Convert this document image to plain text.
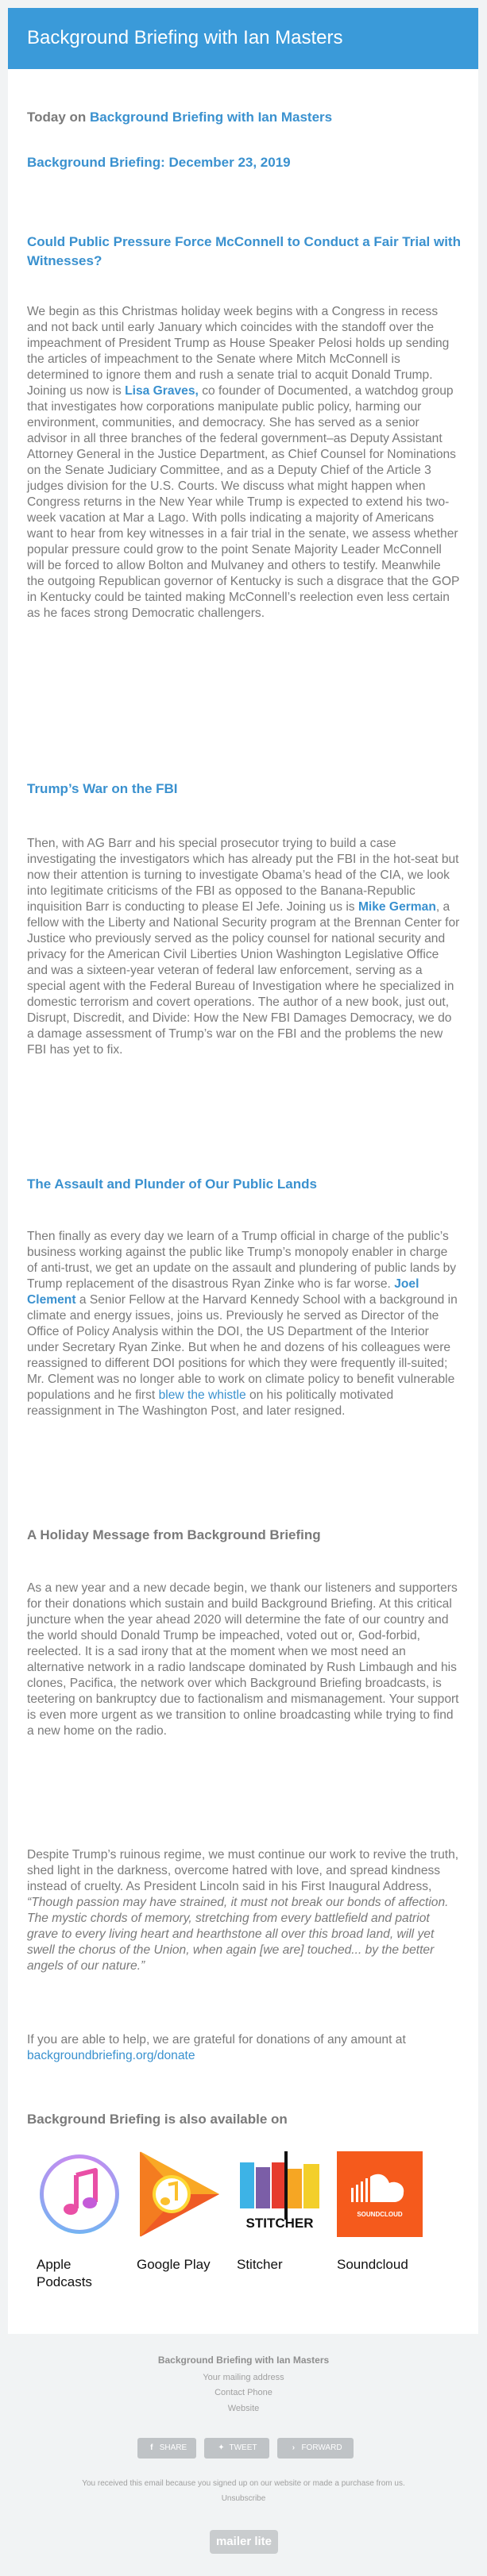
Background Briefing with Ian Masters
Today on Background Briefing with Ian Masters
Background Briefing: December 23, 2019
Could Public Pressure Force McConnell to Conduct a Fair Trial with Witnesses?
We begin as this Christmas holiday week begins with a Congress in recess and not back until early January which coincides with the standoff over the impeachment of President Trump as House Speaker Pelosi holds up sending the articles of impeachment to the Senate where Mitch McConnell is determined to ignore them and rush a senate trial to acquit Donald Trump. Joining us now is Lisa Graves, co founder of Documented, a watchdog group that investigates how corporations manipulate public policy, harming our environment, communities, and democracy. She has served as a senior advisor in all three branches of the federal government–as Deputy Assistant Attorney General in the Justice Department, as Chief Counsel for Nominations on the Senate Judiciary Committee, and as a Deputy Chief of the Article 3 judges division for the U.S. Courts. We discuss what might happen when Congress returns in the New Year while Trump is expected to extend his two- week vacation at Mar a Lago. With polls indicating a majority of Americans want to hear from key witnesses in a fair trial in the senate, we assess whether popular pressure could grow to the point Senate Majority Leader McConnell will be forced to allow Bolton and Mulvaney and others to testify. Meanwhile the outgoing Republican governor of Kentucky is such a disgrace that the GOP in Kentucky could be tainted making McConnell’s reelection even less certain as he faces strong Democratic challengers.
Trump’s War on the FBI
Then, with AG Barr and his special prosecutor trying to build a case investigating the investigators which has already put the FBI in the hot-seat but now their attention is turning to investigate Obama’s head of the CIA, we look into legitimate criticisms of the FBI as opposed to the Banana-Republic inquisition Barr is conducting to please El Jefe. Joining us is Mike German, a fellow with the Liberty and National Security program at the Brennan Center for Justice who previously served as the policy counsel for national security and privacy for the American Civil Liberties Union Washington Legislative Office and was a sixteen-year veteran of federal law enforcement, serving as a special agent with the Federal Bureau of Investigation where he specialized in domestic terrorism and covert operations. The author of a new book, just out, Disrupt, Discredit, and Divide: How the New FBI Damages Democracy, we do a damage assessment of Trump’s war on the FBI and the problems the new FBI has yet to fix.
The Assault and Plunder of Our Public Lands
Then finally as every day we learn of a Trump official in charge of the public’s business working against the public like Trump’s monopoly enabler in charge of anti-trust, we get an update on the assault and plundering of public lands by Trump replacement of the disastrous Ryan Zinke who is far worse. Joel Clement a Senior Fellow at the Harvard Kennedy School with a background in climate and energy issues, joins us. Previously he served as Director of the Office of Policy Analysis within the DOI, the US Department of the Interior under Secretary Ryan Zinke. But when he and dozens of his colleagues were reassigned to different DOI positions for which they were frequently ill-suited; Mr. Clement was no longer able to work on climate policy to benefit vulnerable populations and he first blew the whistle on his politically motivated reassignment in The Washington Post, and later resigned.
A Holiday Message from Background Briefing
As a new year and a new decade begin, we thank our listeners and supporters for their donations which sustain and build Background Briefing. At this critical juncture when the year ahead 2020 will determine the fate of our country and the world should Donald Trump be impeached, voted out or, God-forbid, reelected. It is a sad irony that at the moment when we most need an alternative network in a radio landscape dominated by Rush Limbaugh and his clones, Pacifica, the network over which Background Briefing broadcasts, is teetering on bankruptcy due to factionalism and mismanagement. Your support is even more urgent as we transition to online broadcasting while trying to find a new home on the radio.
Despite Trump’s ruinous regime, we must continue our work to revive the truth, shed light in the darkness, overcome hatred with love, and spread kindness instead of cruelty. As President Lincoln said in his First Inaugural Address, “Though passion may have strained, it must not break our bonds of affection. The mystic chords of memory, stretching from every battlefield and patriot grave to every living heart and hearthstone all over this broad land, will yet swell the chorus of the Union, when again [we are] touched... by the better angels of our nature.”
If you are able to help, we are grateful for donations of any amount at backgroundbriefing.org/donate
Background Briefing is also available on
Apple Podcasts
Google Play
STITCHER
Stitcher
SOUNDCLOUD
Soundcloud
Background Briefing with Ian Masters
Your mailing address
Contact Phone
Website
f SHARE	✦ TWEET	› FORWARD
You received this email because you signed up on our website or made a purchase from us.
Unsubscribe
mailer lite
